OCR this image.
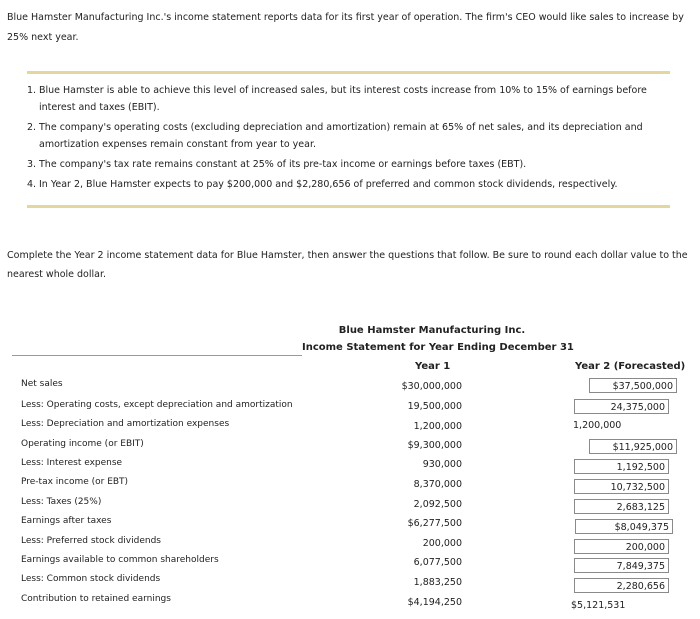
Blue Hamster Manufacturing Inc.'s income statement reports data for its first year of operation. The firm's CEO would like sales to increase by 25% next year.
1. Blue Hamster is able to achieve this level of increased sales, but its interest costs increase from 10% to 15% of earnings before interest and taxes (EBIT).
2. The company's operating costs (excluding depreciation and amortization) remain at 65% of net sales, and its depreciation and amortization expenses remain constant from year to year.
3. The company's tax rate remains constant at 25% of its pre-tax income or earnings before taxes (EBT).
4. In Year 2, Blue Hamster expects to pay $200,000 and $2,280,656 of preferred and common stock dividends, respectively.
Complete the Year 2 income statement data for Blue Hamster, then answer the questions that follow. Be sure to round each dollar value to the nearest whole dollar.
Blue Hamster Manufacturing Inc.
Income Statement for Year Ending December 31
Year 1	Year 2 (Forecasted)
Net sales
Less: Operating costs, except depreciation and amortization
Less: Depreciation and amortization expenses
Operating income (or EBIT)
Less: Interest expense
Pre-tax income (or EBT)
Less: Taxes (25%)
Earnings after taxes
Less: Preferred stock dividends
Earnings available to common shareholders
Less: Common stock dividends
Contribution to retained earnings
$30,000,000
19,500,000
1,200,000
$9,300,000
930,000
8,370,000
2,092,500
$6,277,500
200,000
6,077,500
1,883,250
$4,194,250
$37,500,000
24,375,000
1,200,000
$11,925,000
1,192,500
10,732,500
2,683,125
$8,049,375
200,000
7,849,375
2,280,656
$5,121,531
